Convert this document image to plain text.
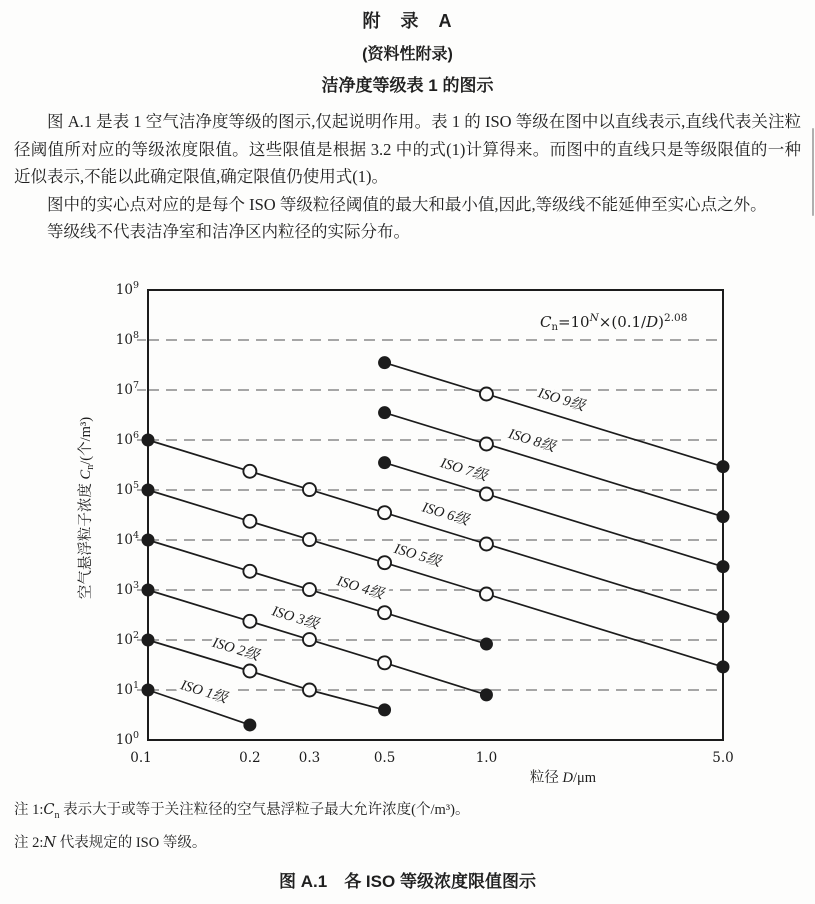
附　录　A
(资料性附录)
洁净度等级表 1 的图示

图 A.1 是表 1 空气洁净度等级的图示,仅起说明作用。表 1 的 ISO 等级在图中以直线表示,直线代表关注粒径阈值所对应的等级浓度限值。这些限值是根据 3.2 中的式(1)计算得来。而图中的直线只是等级限值的一种近似表示,不能以此确定限值,确定限值仍使用式(1)。

图中的实心点对应的是每个 ISO 等级粒径阈值的最大和最小值,因此,等级线不能延伸至实心点之外。

等级线不代表洁净室和洁净区内粒径的实际分布。

$10^0$
$10^1$
$10^2$
$10^3$
$10^4$
$10^5$
$10^6$
$10^7$
$10^8$
$10^9$
0.1	0.2	0.3	0.5	1.0	5.0
粒径 D/μm
空气悬浮粒子浓度 $C_n/$(个/m³)
$C_n=10^N\times(0.1/D)^{2.08}$
ISO 1级
ISO 2级
ISO 3级
ISO 4级
ISO 5级
ISO 6级
ISO 7级
ISO 8级
ISO 9级

注 $1:C_n$ 表示大于或等于关注粒径的空气悬浮粒子最大允许浓度(个/m³)。

注 2:N 代表规定的 ISO 等级。

图 A.1　各 ISO 等级浓度限值图示
